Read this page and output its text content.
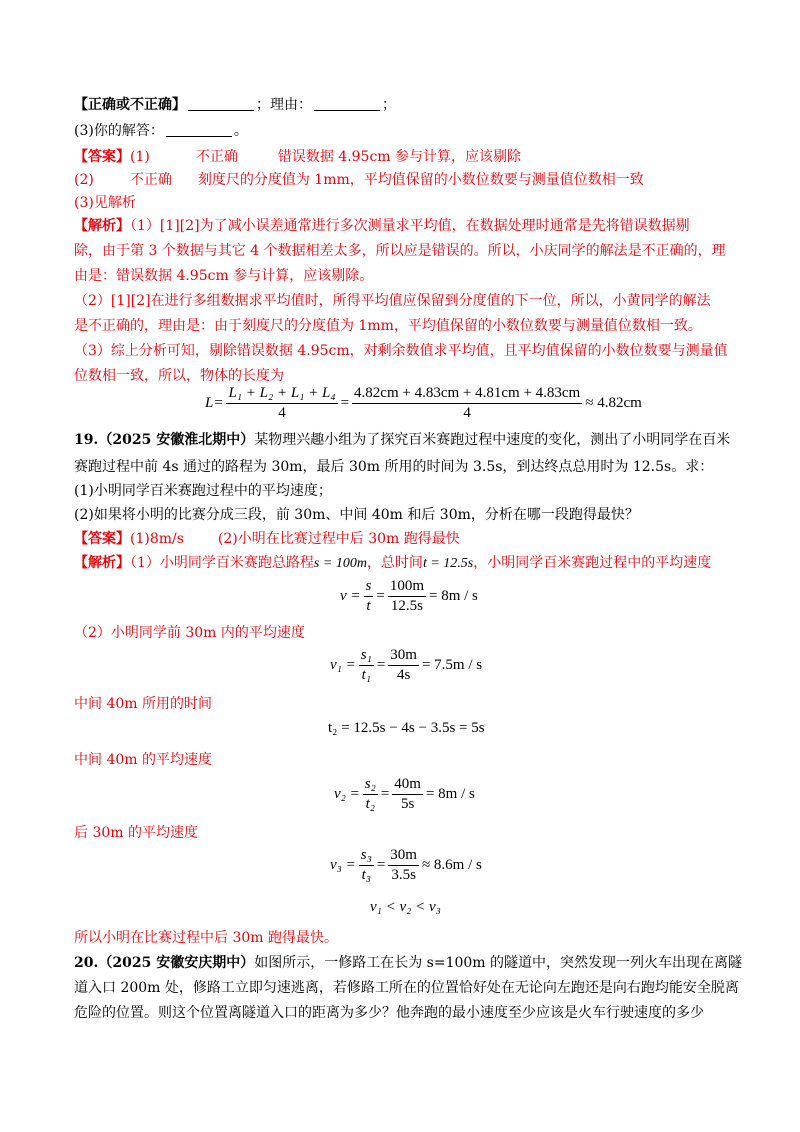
【正确或不正确】	；理由：	；
(3)你的解答：	。
【答案】(1)	不正确	错误数据 4.95cm 参与计算，应该剔除
(2)	不正确 刻度尺的分度值为 1mm，平均值保留的小数位数要与测量值位数相一致
(3)见解析
【解析】（1）[1][2]为了减小误差通常进行多次测量求平均值，在数据处理时通常是先将错误数据剔
除，由于第 3 个数据与其它 4 个数据相差太多，所以应是错误的。所以，小庆同学的解法是不正确的，理
由是：错误数据 4.95cm 参与计算，应该剔除。
（2）[1][2]在进行多组数据求平均值时，所得平均值应保留到分度值的下一位，所以，小黄同学的解法
是不正确的，理由是：由于刻度尺的分度值为 1mm，平均值保留的小数位数要与测量值位数相一致。
（3）综上分析可知，剔除错误数据 4.95cm，对剩余数值求平均值，且平均值保留的小数位数要与测量值
位数相一致，所以，物体的长度为
$L= \frac{\text{L₁ + L₂ + L₁ + L₄}}{4} = \frac{4.82cm + 4.83cm + 4.81cm + 4.83cm}{4} \approx 4.82cm$
19.（2025 安徽淮北期中）某物理兴趣小组为了探究百米赛跑过程中速度的变化，测出了小明同学在百米
赛跑过程中前 4s 通过的路程为 30m，最后 30m 所用的时间为 3.5s，到达终点总用时为 12.5s。求：
(1)小明同学百米赛跑过程中的平均速度；
(2)如果将小明的比赛分成三段，前 30m、中间 40m 和后 30m，分析在哪一段跑得最快？
【答案】(1)8m/s (2)小明在比赛过程中后 30m 跑得最快
【解析】（1）小明同学百米赛跑总路程s = 100m，总时间t = 12.5s，小明同学百米赛跑过程中的平均速度
$v = \frac{s}{t} = \frac{100m}{12.5s} = 8m / s$
（2）小明同学前 30m 内的平均速度
$v_1 = \frac{\text{s₁}}{\text{t₁}} = \frac{30m}{4s} = 7.5m / s$
中间 40m 所用的时间
t₂ = 12.5s − 4s − 3.5s = 5s
中间 40m 的平均速度
$v_2 = \frac{\text{s₂}}{\text{t₂}} = \frac{40m}{5s} = 8m / s$
后 30m 的平均速度
$v_3 = \frac{\text{s₃}}{\text{t₃}} = \frac{30m}{3.5s} \approx 8.6m / s$
v₁ < v₂ < v₃
所以小明在比赛过程中后 30m 跑得最快。
20.（2025 安徽安庆期中）如图所示，一修路工在长为 s=100m 的隧道中，突然发现一列火车出现在离隧
道入口 200m 处，修路工立即匀速逃离，若修路工所在的位置恰好处在无论向左跑还是向右跑均能安全脱离
危险的位置。则这个位置离隧道入口的距离为多少？他奔跑的最小速度至少应该是火车行驶速度的多少
